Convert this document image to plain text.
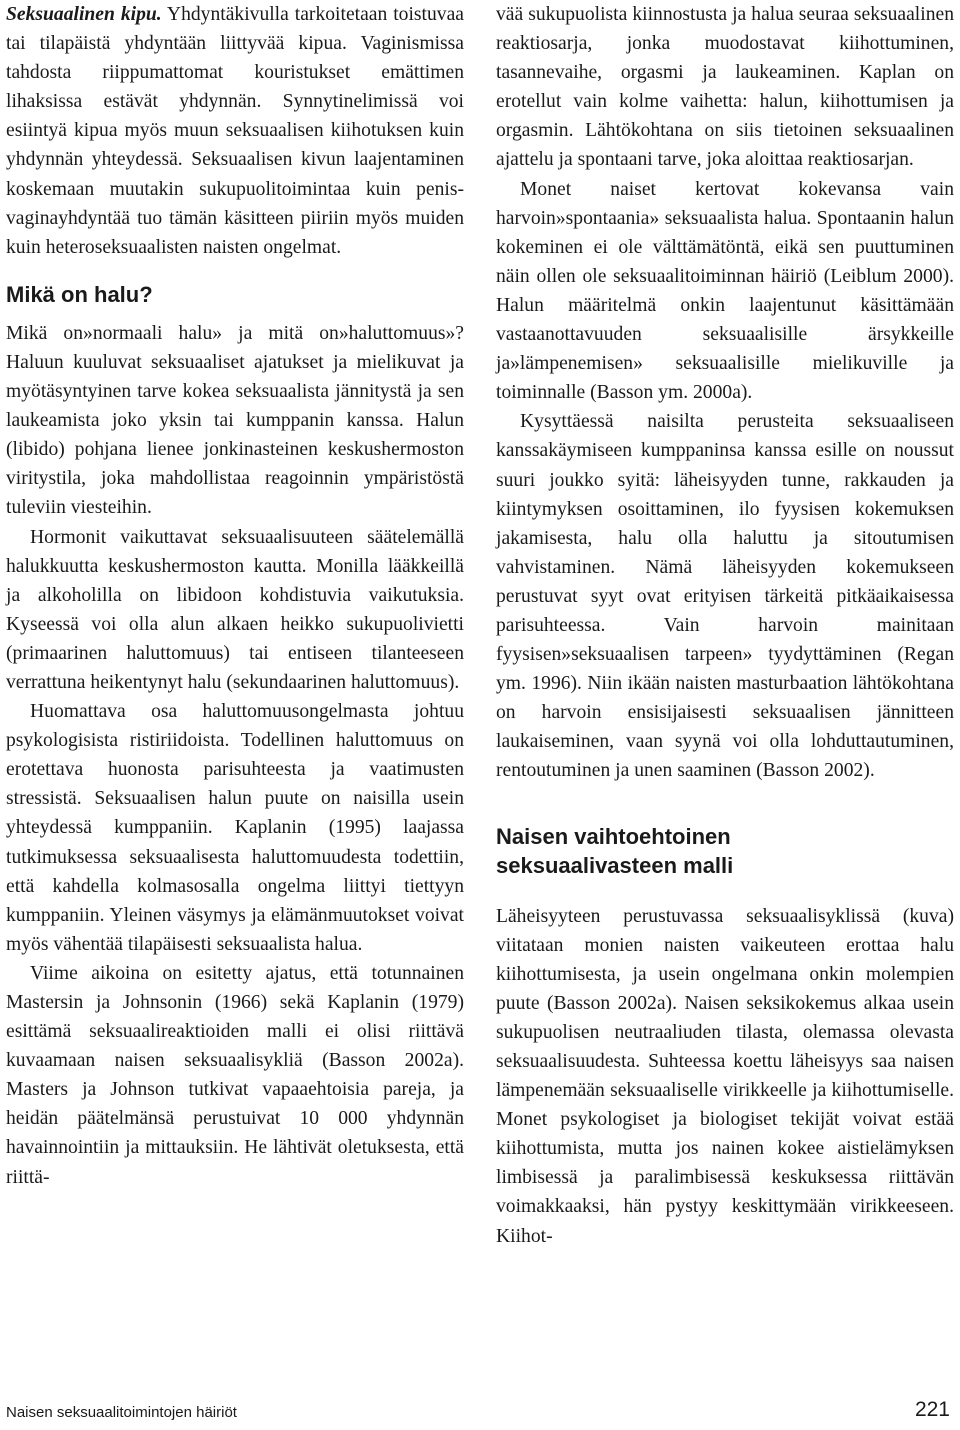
Seksuaalinen kipu. Yhdyntäkivulla tarkoitetaan toistuvaa tai tilapäistä yhdyntään liittyvää kipua. Vaginismissa tahdosta riippumattomat kouristukset emättimen lihaksissa estävät yhdynnän. Synnytinelimissä voi esiintyä kipua myös muun seksuaalisen kiihotuksen kuin yhdynnän yhteydessä. Seksuaalisen kivun laajentaminen koskemaan muutakin sukupuolitoimintaa kuin penis-vaginayhdyntää tuo tämän käsitteen piiriin myös muiden kuin heteroseksuaalisten naisten ongelmat.

Mikä on halu?

Mikä on»normaali halu» ja mitä on»haluttomuus»? Haluun kuuluvat seksuaaliset ajatukset ja mielikuvat ja myötäsyntyinen tarve kokea seksuaalista jännitystä ja sen laukeamista joko yksin tai kumppanin kanssa. Halun (libido) pohjana lienee jonkinasteinen keskushermoston viritystila, joka mahdollistaa reagoinnin ympäristöstä tuleviin viesteihin.

Hormonit vaikuttavat seksuaalisuuteen säätelemällä halukkuutta keskushermoston kautta. Monilla lääkkeillä ja alkoholilla on libidoon kohdistuvia vaikutuksia. Kyseessä voi olla alun alkaen heikko sukupuolivietti (primaarinen haluttomuus) tai entiseen tilanteeseen verrattuna heikentynyt halu (sekundaarinen haluttomuus).

Huomattava osa haluttomuusongelmasta johtuu psykologisista ristiriidoista. Todellinen haluttomuus on erotettava huonosta parisuhteesta ja vaatimusten stressistä. Seksuaalisen halun puute on naisilla usein yhteydessä kumppaniin. Kaplanin (1995) laajassa tutkimuksessa seksuaalisesta haluttomuudesta todettiin, että kahdella kolmasosalla ongelma liittyi tiettyyn kumppaniin. Yleinen väsymys ja elämänmuutokset voivat myös vähentää tilapäisesti seksuaalista halua.

Viime aikoina on esitetty ajatus, että totunnainen Mastersin ja Johnsonin (1966) sekä Kaplanin (1979) esittämä seksuaalireaktioiden malli ei olisi riittävä kuvaamaan naisen seksuaalisykliä (Basson 2002a). Masters ja Johnson tutkivat vapaaehtoisia pareja, ja heidän päätelmänsä perustuivat 10 000 yhdynnän havainnointiin ja mittauksiin. He lähtivät oletuksesta, että riittä-

vää sukupuolista kiinnostusta ja halua seuraa seksuaalinen reaktiosarja, jonka muodostavat kiihottuminen, tasannevaihe, orgasmi ja laukeaminen. Kaplan on erotellut vain kolme vaihetta: halun, kiihottumisen ja orgasmin. Lähtökohtana on siis tietoinen seksuaalinen ajattelu ja spontaani tarve, joka aloittaa reaktiosarjan.

Monet naiset kertovat kokevansa vain harvoin»spontaania» seksuaalista halua. Spontaanin halun kokeminen ei ole välttämätöntä, eikä sen puuttuminen näin ollen ole seksuaalitoiminnan häiriö (Leiblum 2000). Halun määritelmä onkin laajentunut käsittämään vastaanottavuuden seksuaalisille ärsykkeille ja»lämpenemisen» seksuaalisille mielikuville ja toiminnalle (Basson ym. 2000a).

Kysyttäessä naisilta perusteita seksuaaliseen kanssakäymiseen kumppaninsa kanssa esille on noussut suuri joukko syitä: läheisyyden tunne, rakkauden ja kiintymyksen osoittaminen, ilo fyysisen kokemuksen jakamisesta, halu olla haluttu ja sitoutumisen vahvistaminen. Nämä läheisyyden kokemukseen perustuvat syyt ovat erityisen tärkeitä pitkäaikaisessa parisuhteessa. Vain harvoin mainitaan fyysisen»seksuaalisen tarpeen» tyydyttäminen (Regan ym. 1996). Niin ikään naisten masturbaation lähtökohtana on harvoin ensisijaisesti seksuaalisen jännitteen laukaiseminen, vaan syynä voi olla lohduttautuminen, rentoutuminen ja unen saaminen (Basson 2002).

Naisen vaihtoehtoinen
seksuaalivasteen malli

Läheisyyteen perustuvassa seksuaalisyklissä (kuva) viitataan monien naisten vaikeuteen erottaa halu kiihottumisesta, ja usein ongelmana onkin molempien puute (Basson 2002a). Naisen seksikokemus alkaa usein sukupuolisen neutraaliuden tilasta, olemassa olevasta seksuaalisuudesta. Suhteessa koettu läheisyys saa naisen lämpenemään seksuaaliselle virikkeelle ja kiihottumiselle. Monet psykologiset ja biologiset tekijät voivat estää kiihottumista, mutta jos nainen kokee aistielämyksen limbisessä ja paralimbisessä keskuksessa riittävän voimakkaaksi, hän pystyy keskittymään virikkeeseen. Kiihot-

Naisen seksuaalitoimintojen häiriöt	221
